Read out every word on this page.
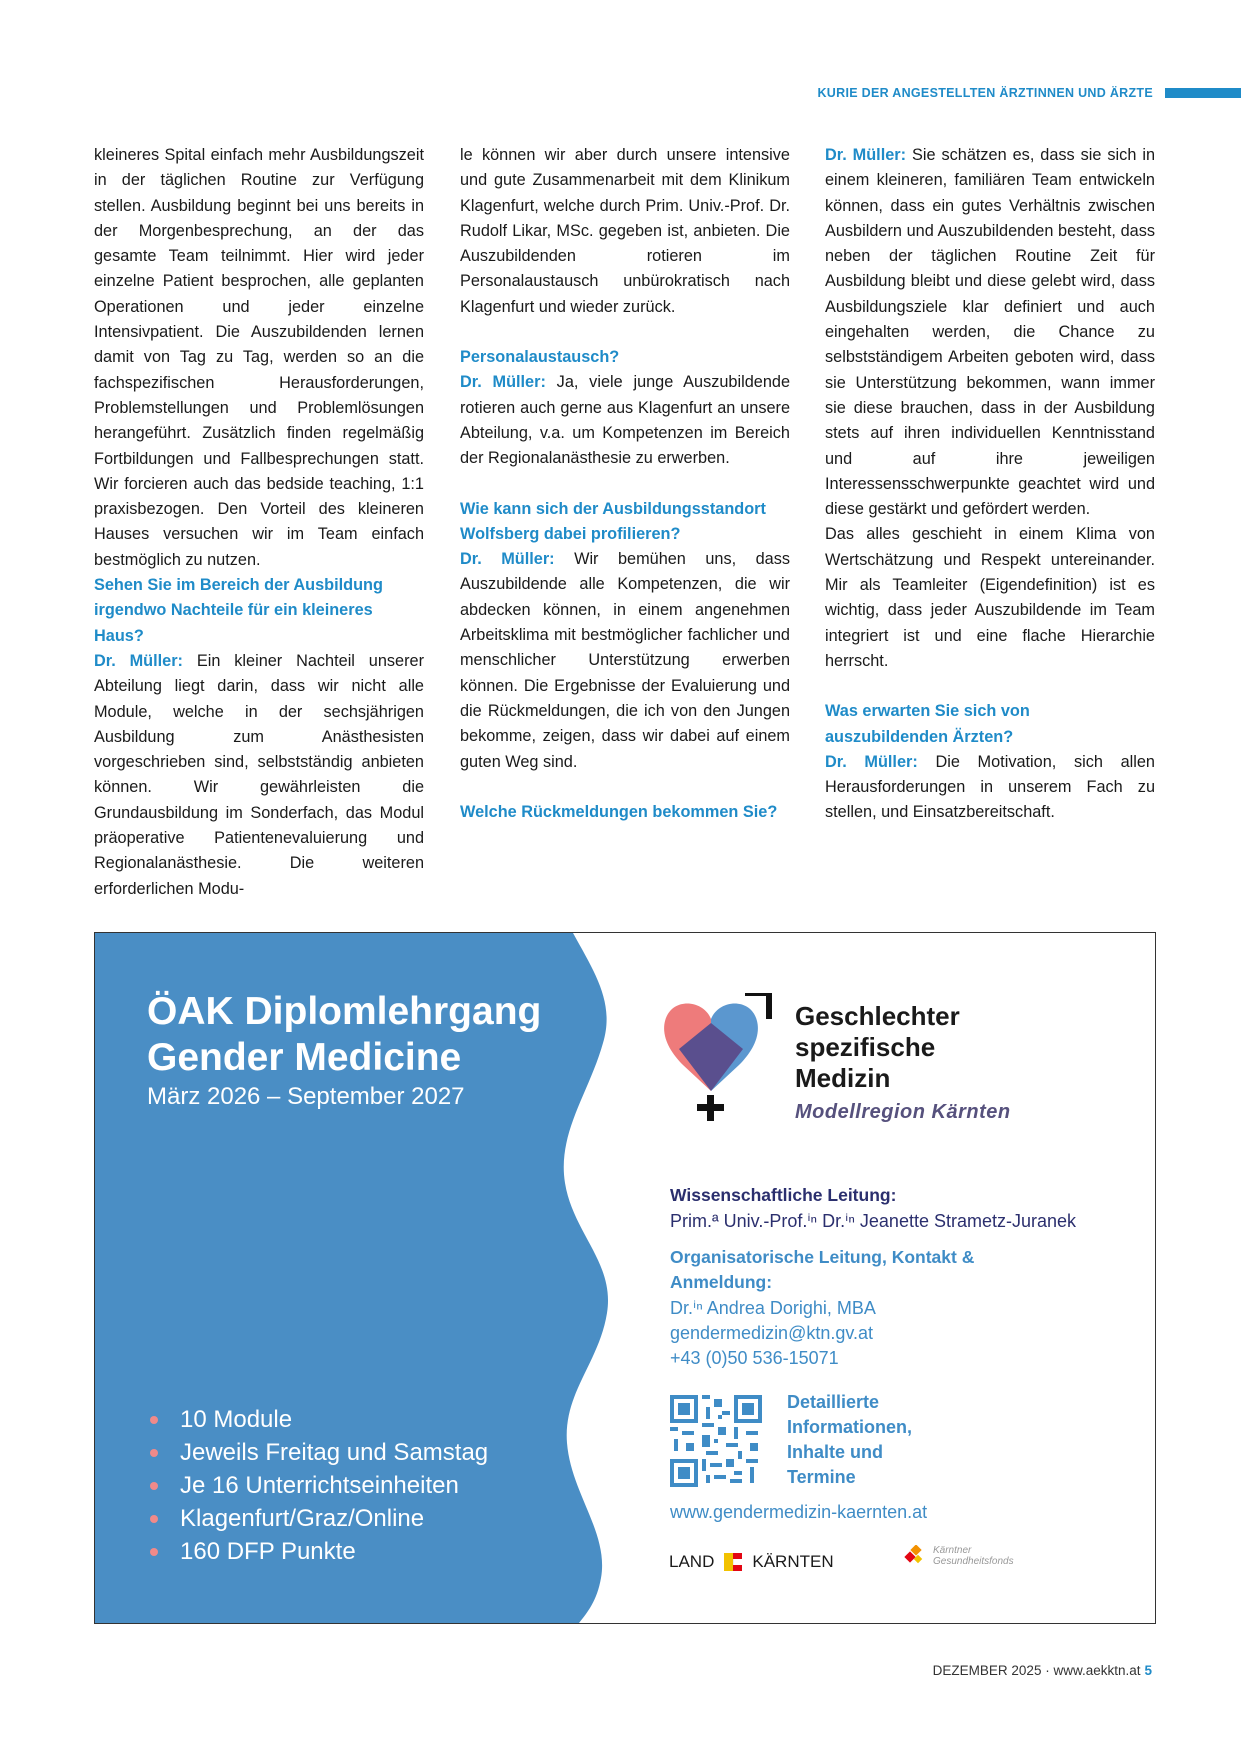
KURIE DER ANGESTELLTEN ÄRZTINNEN UND ÄRZTE

kleineres Spital einfach mehr Ausbildungszeit in der täglichen Routine zur Verfügung stellen. Ausbildung beginnt bei uns bereits in der Morgenbesprechung, an der das gesamte Team teilnimmt. Hier wird jeder einzelne Patient besprochen, alle geplanten Operationen und jeder einzelne Intensivpatient. Die Auszubildenden lernen damit von Tag zu Tag, werden so an die fachspezifischen Herausforderungen, Problemstellungen und Problemlösungen herangeführt. Zusätzlich finden regelmäßig Fortbildungen und Fallbesprechungen statt. Wir forcieren auch das bedside teaching, 1:1 praxisbezogen. Den Vorteil des kleineren Hauses versuchen wir im Team einfach bestmöglich zu nutzen.

Sehen Sie im Bereich der Ausbildung irgendwo Nachteile für ein kleineres Haus?

Dr. Müller: Ein kleiner Nachteil unserer Abteilung liegt darin, dass wir nicht alle Module, welche in der sechsjährigen Ausbildung zum Anästhesisten vorgeschrieben sind, selbstständig anbieten können. Wir gewährleisten die Grundausbildung im Sonderfach, das Modul präoperative Patientenevaluierung und Regionalanästhesie. Die weiteren erforderlichen Modu-

le können wir aber durch unsere intensive und gute Zusammenarbeit mit dem Klinikum Klagenfurt, welche durch Prim. Univ.-Prof. Dr. Rudolf Likar, MSc. gegeben ist, anbieten. Die Auszubildenden rotieren im Personalaustausch unbürokratisch nach Klagenfurt und wieder zurück.

Personalaustausch?

Dr. Müller: Ja, viele junge Auszubildende rotieren auch gerne aus Klagenfurt an unsere Abteilung, v.a. um Kompetenzen im Bereich der Regionalanästhesie zu erwerben.

Wie kann sich der Ausbildungsstandort Wolfsberg dabei profilieren?

Dr. Müller: Wir bemühen uns, dass Auszubildende alle Kompetenzen, die wir abdecken können, in einem angenehmen Arbeitsklima mit bestmöglicher fachlicher und menschlicher Unterstützung erwerben können. Die Ergebnisse der Evaluierung und die Rückmeldungen, die ich von den Jungen bekomme, zeigen, dass wir dabei auf einem guten Weg sind.

Welche Rückmeldungen bekommen Sie?

Dr. Müller: Sie schätzen es, dass sie sich in einem kleineren, familiären Team entwickeln können, dass ein gutes Verhältnis zwischen Ausbildern und Auszubildenden besteht, dass neben der täglichen Routine Zeit für Ausbildung bleibt und diese gelebt wird, dass Ausbildungsziele klar definiert und auch eingehalten werden, die Chance zu selbstständigem Arbeiten geboten wird, dass sie Unterstützung bekommen, wann immer sie diese brauchen, dass in der Ausbildung stets auf ihren individuellen Kenntnisstand und auf ihre jeweiligen Interessensschwerpunkte geachtet wird und diese gestärkt und gefördert werden.

Das alles geschieht in einem Klima von Wertschätzung und Respekt untereinander. Mir als Teamleiter (Eigendefinition) ist es wichtig, dass jeder Auszubildende im Team integriert ist und eine flache Hierarchie herrscht.

Was erwarten Sie sich von auszubildenden Ärzten?

Dr. Müller: Die Motivation, sich allen Herausforderungen in unserem Fach zu stellen, und Einsatzbereitschaft.

ÖAK Diplomlehrgang
Gender Medicine
März 2026 – September 2027
10 Module
Jeweils Freitag und Samstag
Je 16 Unterrichtseinheiten
Klagenfurt/Graz/Online
160 DFP Punkte
Geschlechter
spezifische
Medizin
Modellregion Kärnten
Wissenschaftliche Leitung:
Prim.ª Univ.-Prof.ⁱⁿ Dr.ⁱⁿ Jeanette Strametz-Juranek
Organisatorische Leitung, Kontakt &
Anmeldung:
Dr.ⁱⁿ Andrea Dorighi, MBA
gendermedizin@ktn.gv.at
+43 (0)50 536-15071
Detaillierte
Informationen,
Inhalte und
Termine
www.gendermedizin-kaernten.at
LAND KÄRNTEN
Kärntner
Gesundheitsfonds
DEZEMBER 2025 · www.aekktn.at 5
